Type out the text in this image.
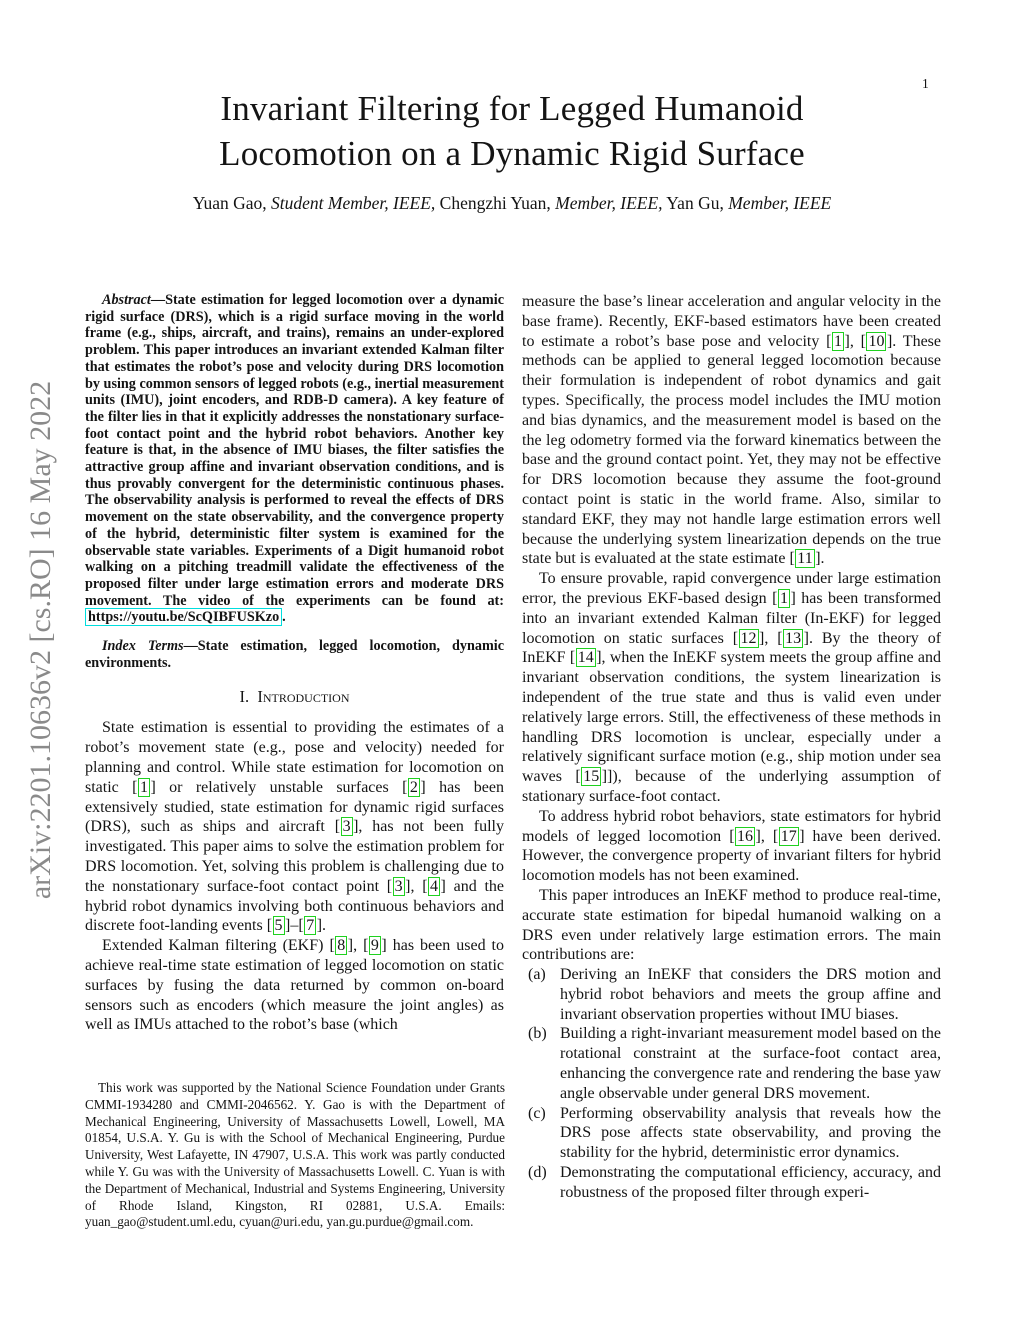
1
arXiv:2201.10636v2 [cs.RO] 16 May 2022
Invariant Filtering for Legged Humanoid
Locomotion on a Dynamic Rigid Surface
Yuan Gao, Student Member, IEEE, Chengzhi Yuan, Member, IEEE, Yan Gu, Member, IEEE

Abstract—State estimation for legged locomotion over a dynamic rigid surface (DRS), which is a rigid surface moving in the world frame (e.g., ships, aircraft, and trains), remains an under-explored problem. This paper introduces an invariant extended Kalman filter that estimates the robot’s pose and velocity during DRS locomotion by using common sensors of legged robots (e.g., inertial measurement units (IMU), joint encoders, and RDB-D camera). A key feature of the filter lies in that it explicitly addresses the nonstationary surface-foot contact point and the hybrid robot behaviors. Another key feature is that, in the absence of IMU biases, the filter satisfies the attractive group affine and invariant observation conditions, and is thus provably convergent for the deterministic continuous phases. The observability analysis is performed to reveal the effects of DRS movement on the state observability, and the convergence property of the hybrid, deterministic filter system is examined for the observable state variables. Experiments of a Digit humanoid robot walking on a pitching treadmill validate the effectiveness of the proposed filter under large estimation errors and moderate DRS movement. The video of the experiments can be found at: https://youtu.be/ScQIBFUSKzo .

Index Terms—State estimation, legged locomotion, dynamic environments.

I. Introduction

State estimation is essential to providing the estimates of a robot’s movement state (e.g., pose and velocity) needed for planning and control. While state estimation for locomotion on static [ 1 ] or relatively unstable surfaces [ 2 ] has been extensively studied, state estimation for dynamic rigid surfaces (DRS), such as ships and aircraft [ 3 ], has not been fully investigated. This paper aims to solve the estimation problem for DRS locomotion. Yet, solving this problem is challenging due to the nonstationary surface-foot contact point [ 3 ], [ 4 ] and the hybrid robot dynamics involving both continuous behaviors and discrete foot-landing events [ 5 ]–[ 7 ].

Extended Kalman filtering (EKF) [ 8 ], [ 9 ] has been used to achieve real-time state estimation of legged locomotion on static surfaces by fusing the data returned by common on-board sensors such as encoders (which measure the joint angles) as well as IMUs attached to the robot’s base (which

measure the base’s linear acceleration and angular velocity in the base frame). Recently, EKF-based estimators have been created to estimate a robot’s base pose and velocity [ 1 ], [ 10 ]. These methods can be applied to general legged locomotion because their formulation is independent of robot dynamics and gait types. Specifically, the process model includes the IMU motion and bias dynamics, and the measurement model is based on the the leg odometry formed via the forward kinematics between the base and the ground contact point. Yet, they may not be effective for DRS locomotion because they assume the foot-ground contact point is static in the world frame. Also, similar to standard EKF, they may not handle large estimation errors well because the underlying system linearization depends on the true state but is evaluated at the state estimate [ 11 ].

To ensure provable, rapid convergence under large estimation error, the previous EKF-based design [ 1 ] has been transformed into an invariant extended Kalman filter (In-EKF) for legged locomotion on static surfaces [ 12 ], [ 13 ]. By the theory of InEKF [ 14 ], when the InEKF system meets the group affine and invariant observation conditions, the system linearization is independent of the true state and thus is valid even under relatively large errors. Still, the effectiveness of these methods in handling DRS locomotion is unclear, especially under a relatively significant surface motion (e.g., ship motion under sea waves [ 15 ]]), because of the underlying assumption of stationary surface-foot contact.

To address hybrid robot behaviors, state estimators for hybrid models of legged locomotion [ 16 ], [ 17 ] have been derived. However, the convergence property of invariant filters for hybrid locomotion models has not been examined.

This paper introduces an InEKF method to produce real-time, accurate state estimation for bipedal humanoid walking on a DRS even under relatively large estimation errors. The main contributions are:

(a) Deriving an InEKF that considers the DRS motion and hybrid robot behaviors and meets the group affine and invariant observation properties without IMU biases.
(b) Building a right-invariant measurement model based on the rotational constraint at the surface-foot contact area, enhancing the convergence rate and rendering the base yaw angle observable under general DRS movement.
(c) Performing observability analysis that reveals how the DRS pose affects state observability, and proving the stability for the hybrid, deterministic error dynamics.
(d) Demonstrating the computational efficiency, accuracy, and robustness of the proposed filter through experi-
This work was supported by the National Science Foundation under Grants CMMI-1934280 and CMMI-2046562. Y. Gao is with the Department of Mechanical Engineering, University of Massachusetts Lowell, Lowell, MA 01854, U.S.A. Y. Gu is with the School of Mechanical Engineering, Purdue University, West Lafayette, IN 47907, U.S.A. This work was partly conducted while Y. Gu was with the University of Massachusetts Lowell. C. Yuan is with the Department of Mechanical, Industrial and Systems Engineering, University of Rhode Island, Kingston, RI 02881, U.S.A. Emails: yuan_gao@student.uml.edu, cyuan@uri.edu, yan.gu.purdue@gmail.com.
